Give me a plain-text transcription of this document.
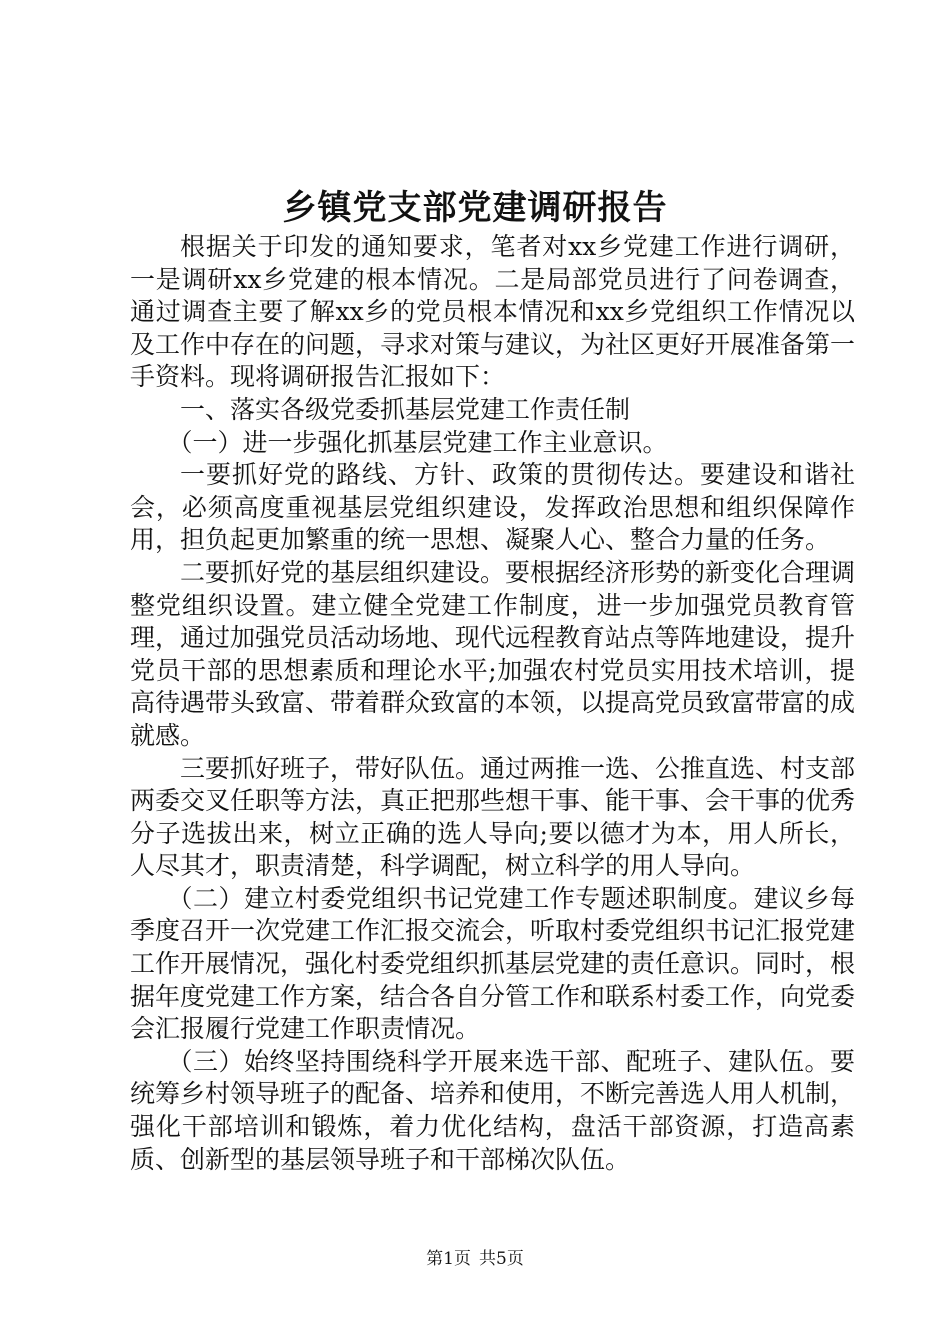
乡镇党支部党建调研报告

根据关于印发的通知要求，笔者对xx乡党建工作进行调研，一是调研xx乡党建的根本情况。二是局部党员进行了问卷调查，通过调查主要了解xx乡的党员根本情况和xx乡党组织工作情况以及工作中存在的问题，寻求对策与建议，为社区更好开展准备第一手资料。现将调研报告汇报如下：

一、落实各级党委抓基层党建工作责任制

（一）进一步强化抓基层党建工作主业意识。

一要抓好党的路线、方针、政策的贯彻传达。要建设和谐社会，必须高度重视基层党组织建设，发挥政治思想和组织保障作用，担负起更加繁重的统一思想、凝聚人心、整合力量的任务。

二要抓好党的基层组织建设。要根据经济形势的新变化合理调整党组织设置。建立健全党建工作制度，进一步加强党员教育管理，通过加强党员活动场地、现代远程教育站点等阵地建设，提升党员干部的思想素质和理论水平;加强农村党员实用技术培训，提高待遇带头致富、带着群众致富的本领，以提高党员致富带富的成就感。

三要抓好班子，带好队伍。通过两推一选、公推直选、村支部两委交叉任职等方法，真正把那些想干事、能干事、会干事的优秀分子选拔出来，树立正确的选人导向;要以德才为本，用人所长，人尽其才，职责清楚，科学调配，树立科学的用人导向。

（二）建立村委党组织书记党建工作专题述职制度。建议乡每季度召开一次党建工作汇报交流会，听取村委党组织书记汇报党建工作开展情况，强化村委党组织抓基层党建的责任意识。同时，根据年度党建工作方案，结合各自分管工作和联系村委工作，向党委会汇报履行党建工作职责情况。

（三）始终坚持围绕科学开展来选干部、配班子、建队伍。要统筹乡村领导班子的配备、培养和使用，不断完善选人用人机制，强化干部培训和锻炼，着力优化结构，盘活干部资源，打造高素质、创新型的基层领导班子和干部梯次队伍。

第1页 共5页
